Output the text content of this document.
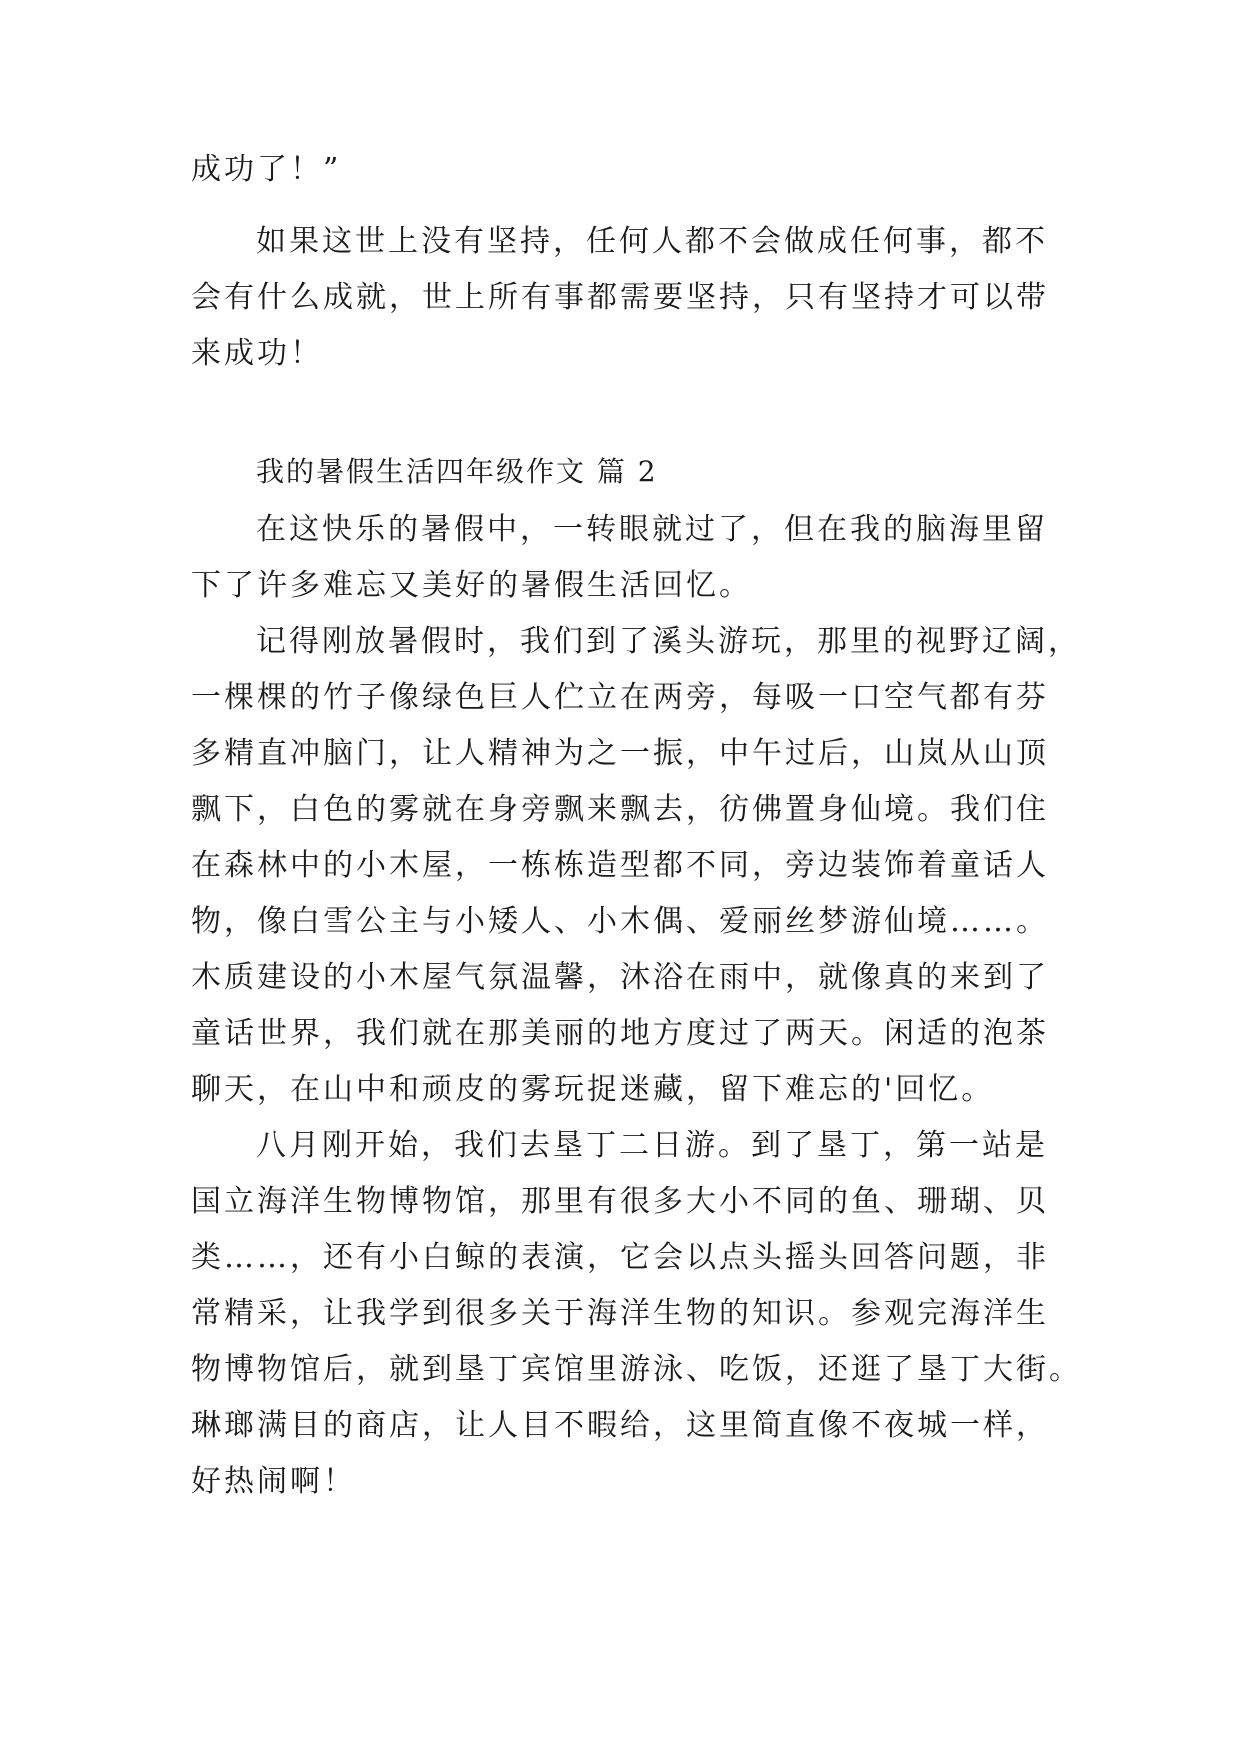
成功了！”
如果这世上没有坚持，任何人都不会做成任何事，都不
会有什么成就，世上所有事都需要坚持，只有坚持才可以带
来成功！
我的暑假生活四年级作文 篇 2
在这快乐的暑假中，一转眼就过了，但在我的脑海里留
下了许多难忘又美好的暑假生活回忆。
记得刚放暑假时，我们到了溪头游玩，那里的视野辽阔，
一棵棵的竹子像绿色巨人伫立在两旁，每吸一口空气都有芬
多精直冲脑门，让人精神为之一振，中午过后，山岚从山顶
飘下，白色的雾就在身旁飘来飘去，彷佛置身仙境。我们住
在森林中的小木屋，一栋栋造型都不同，旁边装饰着童话人
物，像白雪公主与小矮人、小木偶、爱丽丝梦游仙境……。
木质建设的小木屋气氛温馨，沐浴在雨中，就像真的来到了
童话世界，我们就在那美丽的地方度过了两天。闲适的泡茶
聊天，在山中和顽皮的雾玩捉迷藏，留下难忘的'回忆。
八月刚开始，我们去垦丁二日游。到了垦丁，第一站是
国立海洋生物博物馆，那里有很多大小不同的鱼、珊瑚、贝
类……，还有小白鲸的表演，它会以点头摇头回答问题，非
常精采，让我学到很多关于海洋生物的知识。参观完海洋生
物博物馆后，就到垦丁宾馆里游泳、吃饭，还逛了垦丁大街。
琳瑯满目的商店，让人目不暇给，这里简直像不夜城一样，
好热闹啊！
